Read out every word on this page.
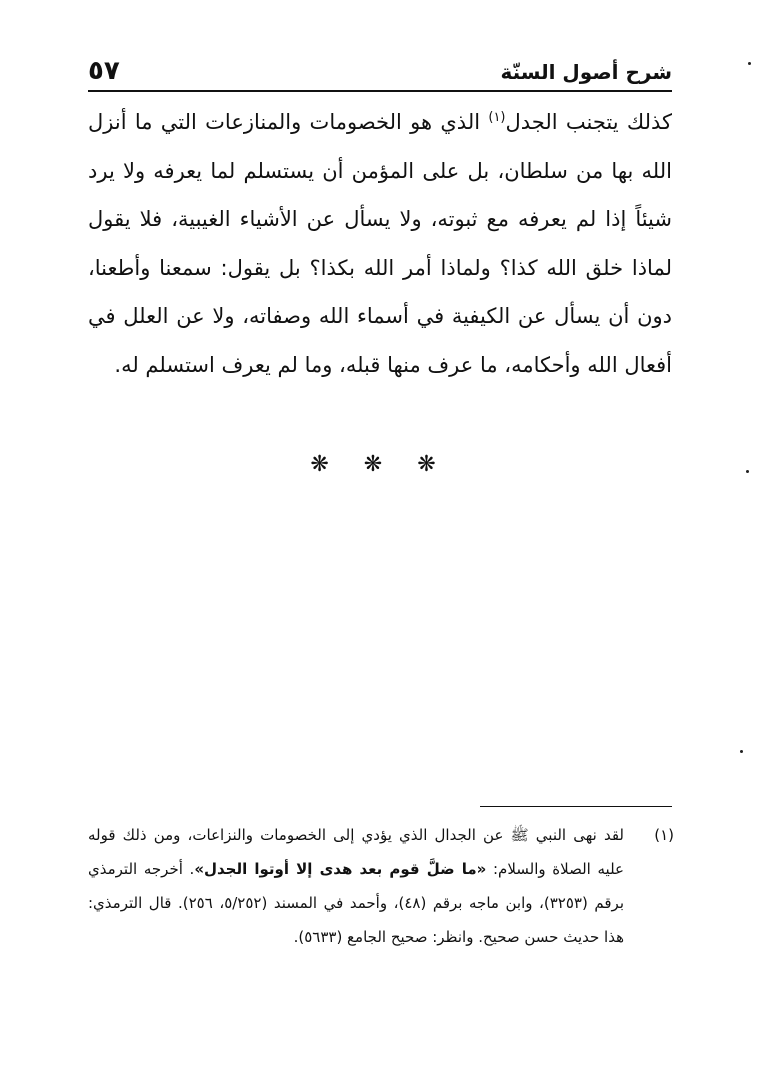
٥٧	شرح أصول السنّة

كذلك يتجنب الجدل$^{(١)}$ الذي هو الخصومات والمنازعات التي ما أنزل الله بها من سلطان، بل على المؤمن أن يستسلم لما يعرفه ولا يرد شيئاً إذا لم يعرفه مع ثبوته، ولا يسأل عن الأشياء الغيبية، فلا يقول لماذا خلق الله كذا؟ ولماذا أمر الله بكذا؟ بل يقول: سمعنا وأطعنا، دون أن يسأل عن الكيفية في أسماء الله وصفاته، ولا عن العلل في أفعال الله وأحكامه، ما عرف منها قبله، وما لم يعرف استسلم له.

❋ ❋ ❋
(١)
لقد نهى النبي ﷺ عن الجدال الذي يؤدي إلى الخصومات والنزاعات، ومن ذلك قوله عليه الصلاة والسلام: «ما ضلَّ قوم بعد هدى إلا أوتوا الجدل». أخرجه الترمذي برقم (٣٢٥٣)، وابن ماجه برقم (٤٨)، وأحمد في المسند (٥/٢٥٢، ٢٥٦). قال الترمذي: هذا حديث حسن صحيح. وانظر: صحيح الجامع (٥٦٣٣).
